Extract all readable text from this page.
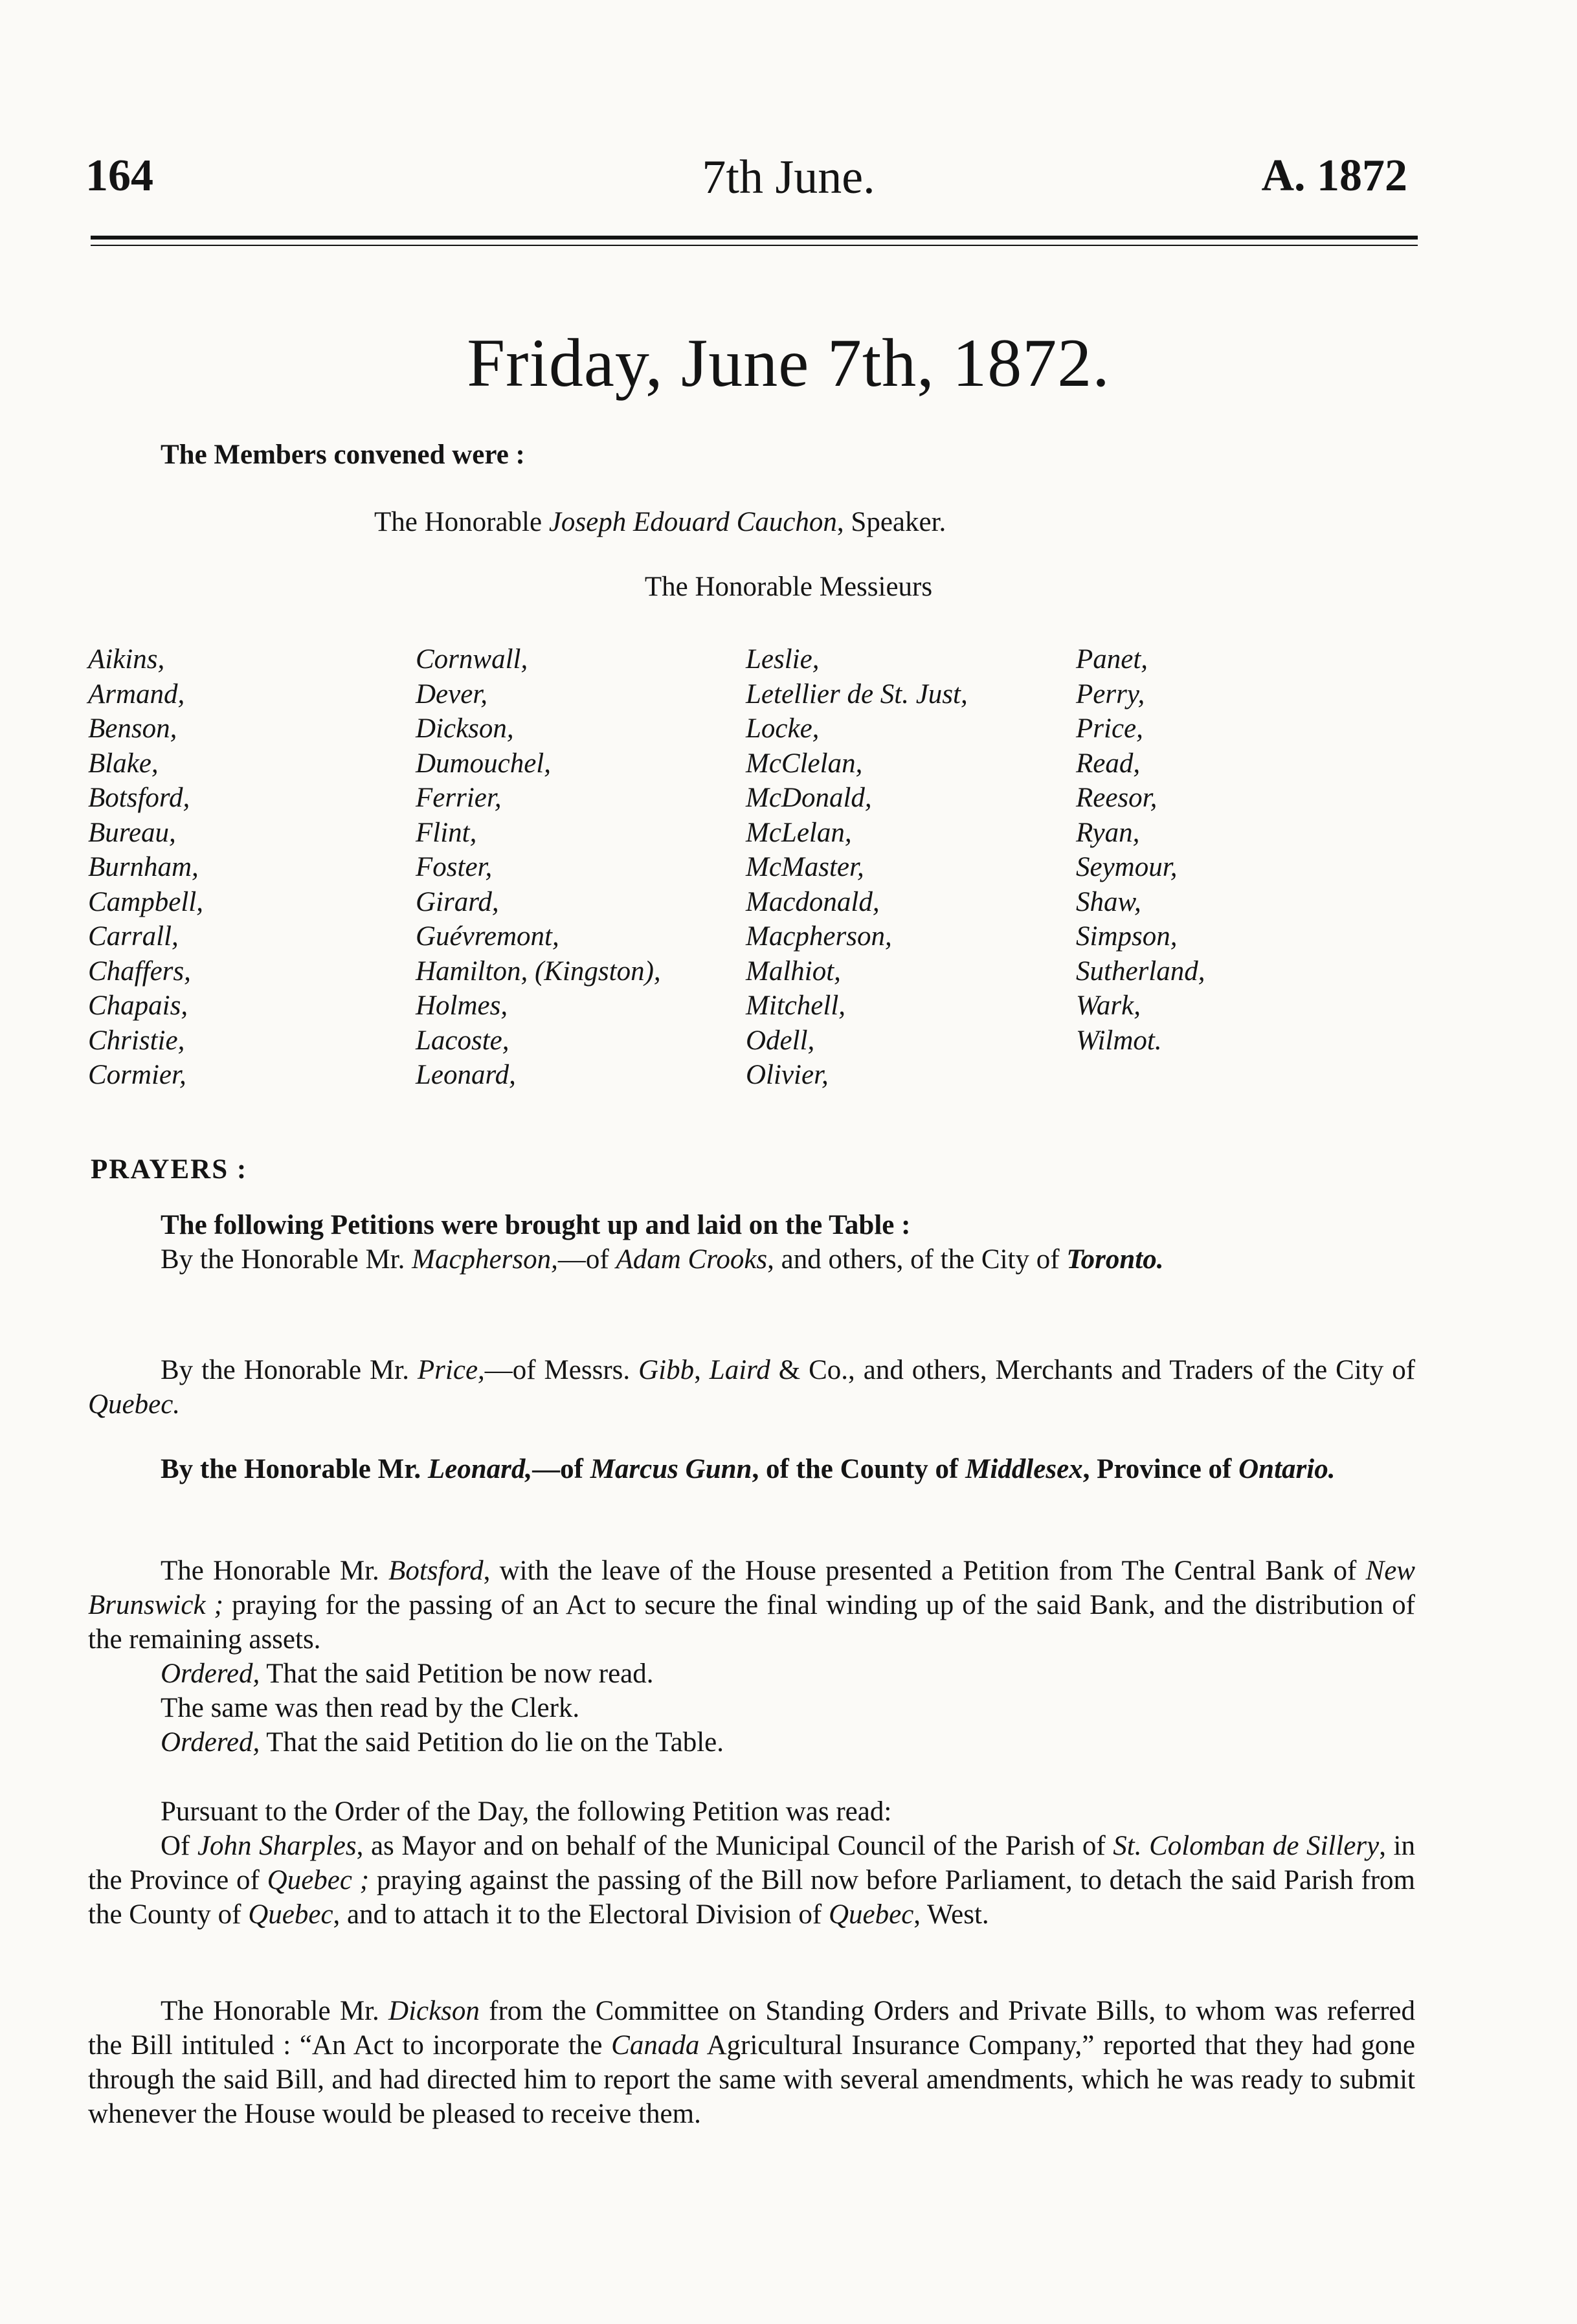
164	7th June.	A. 1872
Friday, June 7th, 1872.
The Members convened were :
The Honorable Joseph Edouard Cauchon, Speaker.
The Honorable Messieurs
Aikins,
Armand,
Benson,
Blake,
Botsford,
Bureau,
Burnham,
Campbell,
Carrall,
Chaffers,
Chapais,
Christie,
Cormier,
Cornwall,
Dever,
Dickson,
Dumouchel,
Ferrier,
Flint,
Foster,
Girard,
Guévremont,
Hamilton, (Kingston),
Holmes,
Lacoste,
Leonard,
Leslie,
Letellier de St. Just,
Locke,
McClelan,
McDonald,
McLelan,
McMaster,
Macdonald,
Macpherson,
Malhiot,
Mitchell,
Odell,
Olivier,
Panet,
Perry,
Price,
Read,
Reesor,
Ryan,
Seymour,
Shaw,
Simpson,
Sutherland,
Wark,
Wilmot.
PRAYERS :

The following Petitions were brought up and laid on the Table :

By the Honorable Mr. Macpherson,—of Adam Crooks, and others, of the City of Toronto.

By the Honorable Mr. Price,—of Messrs. Gibb, Laird & Co., and others, Merchants and Traders of the City of Quebec.

By the Honorable Mr. Leonard,—of Marcus Gunn, of the County of Middlesex, Province of Ontario.

The Honorable Mr. Botsford, with the leave of the House presented a Petition from The Central Bank of New Brunswick ; praying for the passing of an Act to secure the final winding up of the said Bank, and the distribution of the remaining assets.

Ordered, That the said Petition be now read.

The same was then read by the Clerk.

Ordered, That the said Petition do lie on the Table.

Pursuant to the Order of the Day, the following Petition was read:

Of John Sharples, as Mayor and on behalf of the Municipal Council of the Parish of St. Colomban de Sillery, in the Province of Quebec ; praying against the passing of the Bill now before Parliament, to detach the said Parish from the County of Quebec, and to attach it to the Electoral Division of Quebec, West.

The Honorable Mr. Dickson from the Committee on Standing Orders and Private Bills, to whom was referred the Bill intituled : “An Act to incorporate the Canada Agricultural Insurance Company,” reported that they had gone through the said Bill, and had directed him to report the same with several amendments, which he was ready to submit whenever the House would be pleased to receive them.
